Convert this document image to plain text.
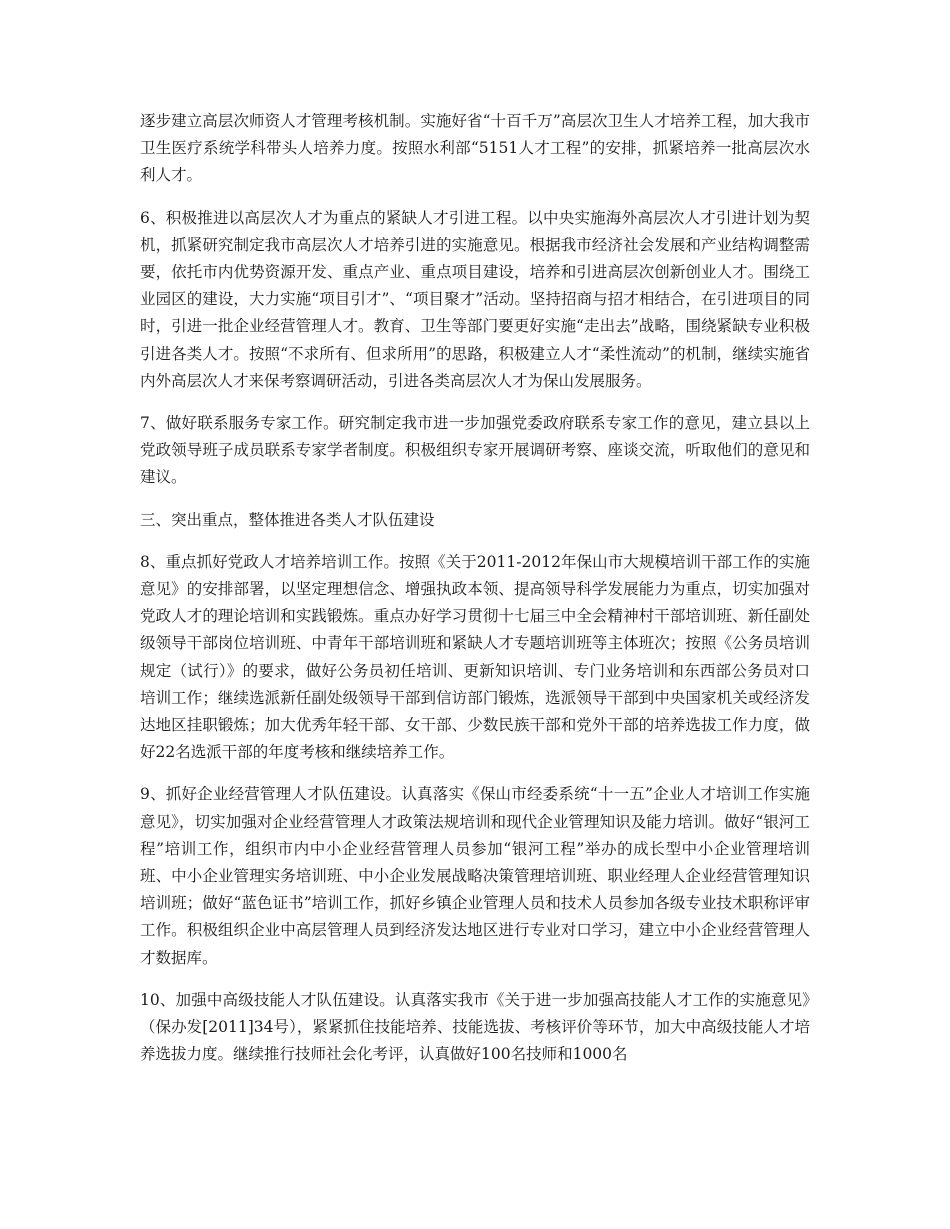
逐步建立高层次师资人才管理考核机制。实施好省“十百千万”高层次卫生人才培养工程，加大我市卫生医疗系统学科带头人培养力度。按照水利部“5151人才工程”的安排，抓紧培养一批高层次水利人才。

6、积极推进以高层次人才为重点的紧缺人才引进工程。以中央实施海外高层次人才引进计划为契机，抓紧研究制定我市高层次人才培养引进的实施意见。根据我市经济社会发展和产业结构调整需要，依托市内优势资源开发、重点产业、重点项目建设，培养和引进高层次创新创业人才。围绕工业园区的建设，大力实施“项目引才”、“项目聚才”活动。坚持招商与招才相结合，在引进项目的同时，引进一批企业经营管理人才。教育、卫生等部门要更好实施“走出去”战略，围绕紧缺专业积极引进各类人才。按照“不求所有、但求所用”的思路，积极建立人才“柔性流动”的机制，继续实施省内外高层次人才来保考察调研活动，引进各类高层次人才为保山发展服务。

7、做好联系服务专家工作。研究制定我市进一步加强党委政府联系专家工作的意见，建立县以上党政领导班子成员联系专家学者制度。积极组织专家开展调研考察、座谈交流，听取他们的意见和建议。

三、突出重点，整体推进各类人才队伍建设

8、重点抓好党政人才培养培训工作。按照《关于2011-2012年保山市大规模培训干部工作的实施意见》的安排部署，以坚定理想信念、增强执政本领、提高领导科学发展能力为重点，切实加强对党政人才的理论培训和实践锻炼。重点办好学习贯彻十七届三中全会精神村干部培训班、新任副处级领导干部岗位培训班、中青年干部培训班和紧缺人才专题培训班等主体班次；按照《公务员培训规定（试行）》的要求，做好公务员初任培训、更新知识培训、专门业务培训和东西部公务员对口培训工作；继续选派新任副处级领导干部到信访部门锻炼，选派领导干部到中央国家机关或经济发达地区挂职锻炼；加大优秀年轻干部、女干部、少数民族干部和党外干部的培养选拔工作力度，做好22名选派干部的年度考核和继续培养工作。

9、抓好企业经营管理人才队伍建设。认真落实《保山市经委系统“十一五”企业人才培训工作实施意见》，切实加强对企业经营管理人才政策法规培训和现代企业管理知识及能力培训。做好“银河工程”培训工作，组织市内中小企业经营管理人员参加“银河工程”举办的成长型中小企业管理培训班、中小企业管理实务培训班、中小企业发展战略决策管理培训班、职业经理人企业经营管理知识培训班；做好“蓝色证书”培训工作，抓好乡镇企业管理人员和技术人员参加各级专业技术职称评审工作。积极组织企业中高层管理人员到经济发达地区进行专业对口学习，建立中小企业经营管理人才数据库。

10、加强中高级技能人才队伍建设。认真落实我市《关于进一步加强高技能人才工作的实施意见》（保办发[2011]34号），紧紧抓住技能培养、技能选拔、考核评价等环节，加大中高级技能人才培养选拔力度。继续推行技师社会化考评，认真做好100名技师和1000名
